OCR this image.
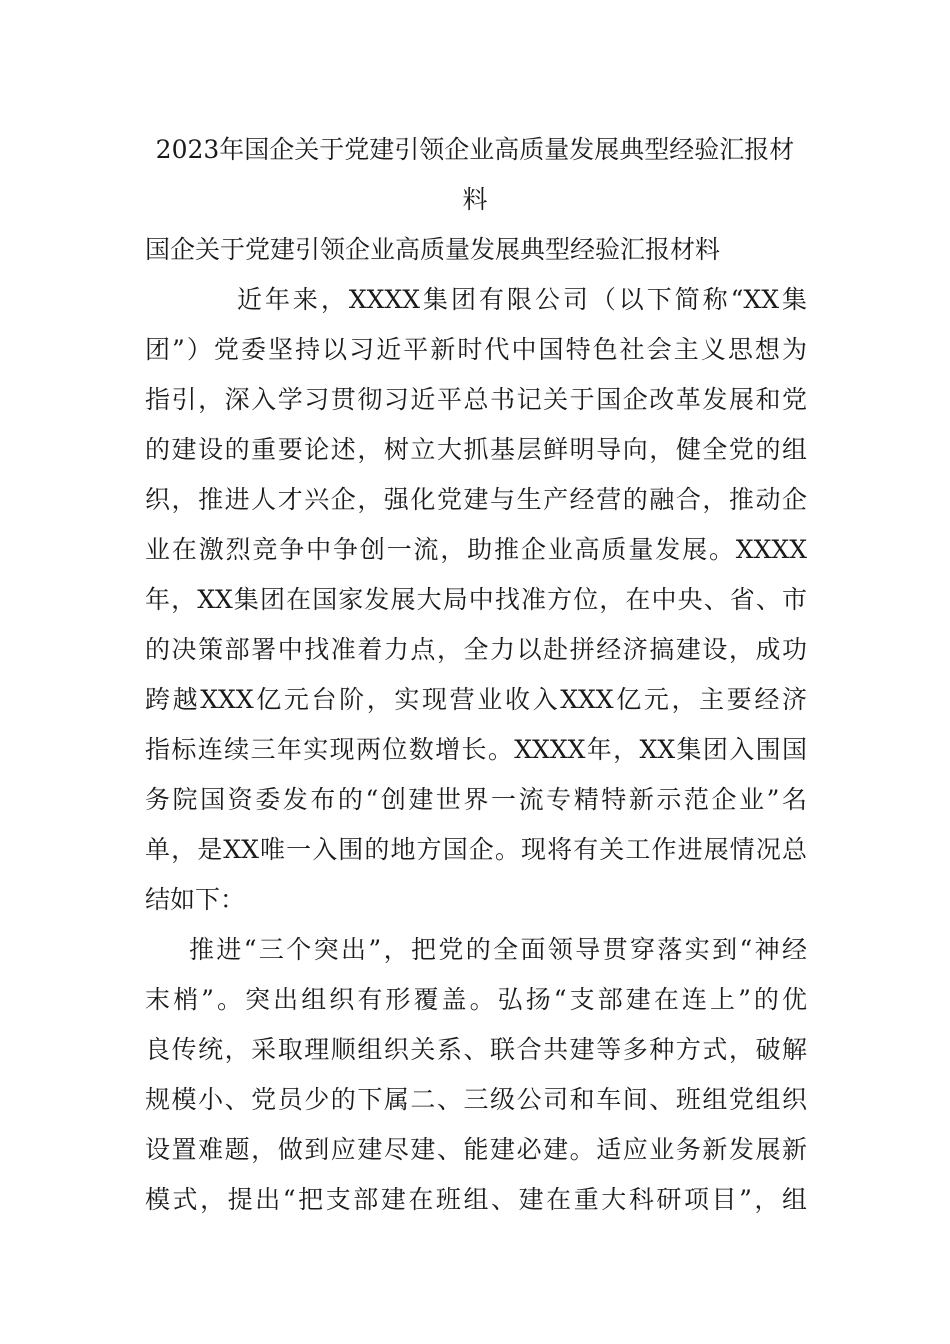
2023年国企关于党建引领企业高质量发展典型经验汇报材
料
国企关于党建引领企业高质量发展典型经验汇报材料
近年来，XXXX集团有限公司（以下简称“XX集
团”）党委坚持以习近平新时代中国特色社会主义思想为
指引，深入学习贯彻习近平总书记关于国企改革发展和党
的建设的重要论述，树立大抓基层鲜明导向，健全党的组
织，推进人才兴企，强化党建与生产经营的融合，推动企
业在激烈竞争中争创一流，助推企业高质量发展。XXXX
年，XX集团在国家发展大局中找准方位，在中央、省、市
的决策部署中找准着力点，全力以赴拼经济搞建设，成功
跨越XXX亿元台阶，实现营业收入XXX亿元，主要经济
指标连续三年实现两位数增长。XXXX年，XX集团入围国
务院国资委发布的“创建世界一流专精特新示范企业”名
单，是XX唯一入围的地方国企。现将有关工作进展情况总
结如下：
推进“三个突出”，把党的全面领导贯穿落实到“神经
末梢”。突出组织有形覆盖。弘扬“支部建在连上”的优
良传统，采取理顺组织关系、联合共建等多种方式，破解
规模小、党员少的下属二、三级公司和车间、班组党组织
设置难题，做到应建尽建、能建必建。适应业务新发展新
模式，提出“把支部建在班组、建在重大科研项目”，组
